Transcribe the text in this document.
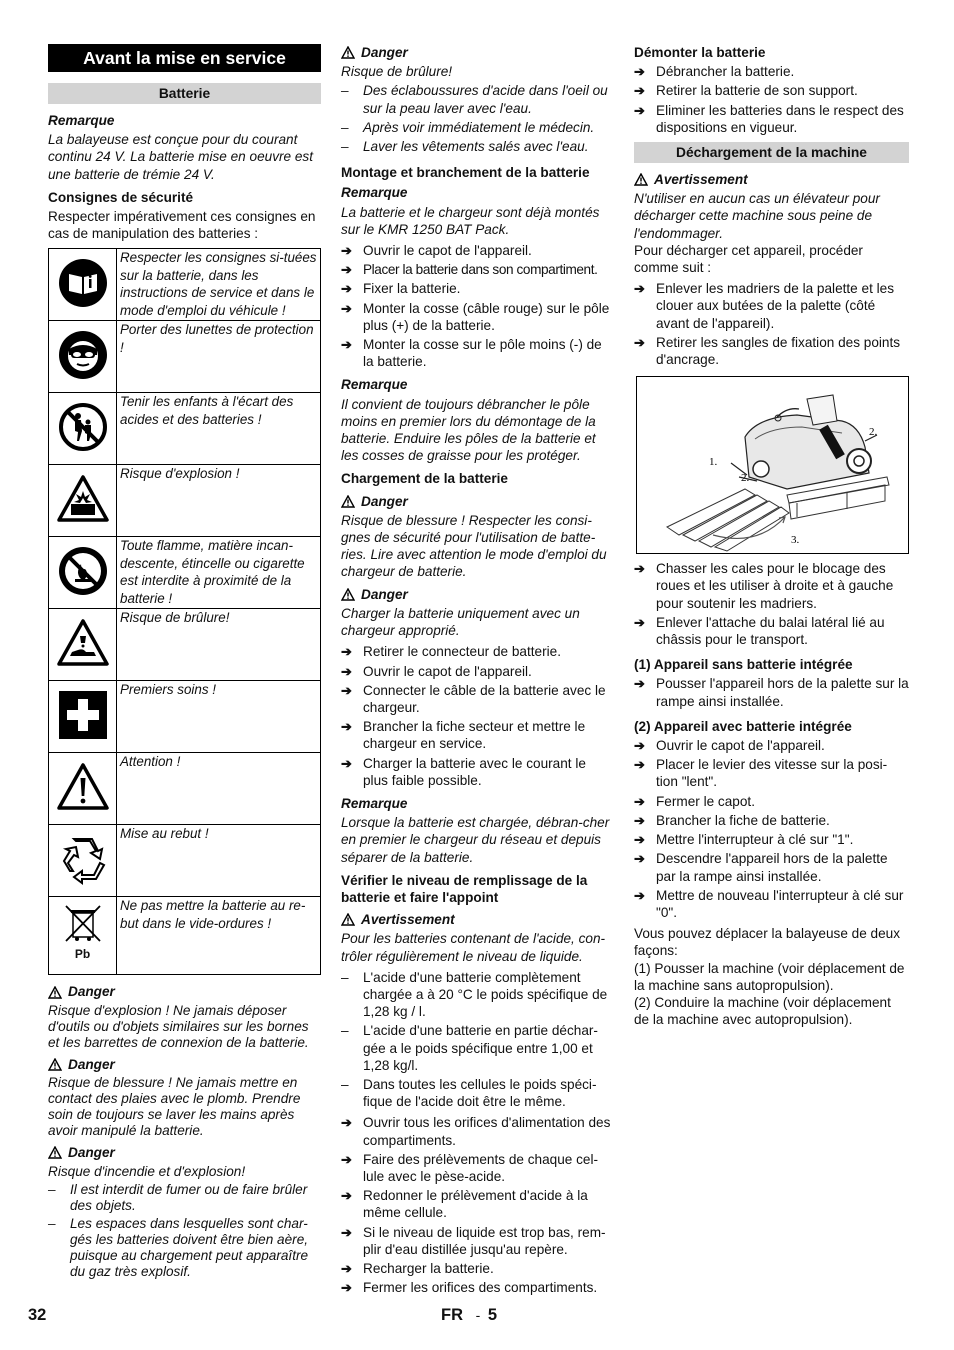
Avant la mise en service
Batterie
Remarque

La balayeuse est conçue pour du courant continu 24 V. La batterie mise en oeuvre est une batterie de trémie 24 V.

Consignes de sécurité

Respecter impérativement ces consignes en cas de manipulation des batteries :

	Respecter les consignes si-tuées sur la batterie, dans les instructions de service et dans le mode d'emploi du véhicule !
	Porter des lunettes de protection !
	Tenir les enfants à l'écart des acides et des batteries !
	Risque d'explosion !
	Toute flamme, matière incan-descente, étincelle ou cigarette est interdite à proximité de la batterie !
	Risque de brûlure!
	Premiers soins !
	Attention !
	Mise au rebut !

Pb	Ne pas mettre la batterie au re-but dans le vide-ordures !
Danger

Risque d'explosion ! Ne jamais déposer d'outils ou d'objets similaires sur les bornes et les barrettes de connexion de la batterie.

Danger

Risque de blessure ! Ne jamais mettre en contact des plaies avec le plomb. Prendre soin de toujours se laver les mains après avoir manipulé la batterie.

Danger

Risque d'incendie et d'explosion!

– Il est interdit de fumer ou de faire brûler des objets.
– Les espaces dans lesquelles sont char-gés les batteries doivent être bien aère, puisque au chargement peut apparaître du gaz très explosif.
Danger

Risque de brûlure!

– Des éclaboussures d'acide dans l'oeil ou sur la peau laver avec l'eau.
– Après voir immédiatement le médecin.
– Laver les vêtements salés avec l'eau.
Montage et branchement de la batterie
Remarque

La batterie et le chargeur sont déjà montés sur le KMR 1250 BAT Pack.

➔ Ouvrir le capot de l'appareil.
➔ Placer la batterie dans son compartiment.
➔ Fixer la batterie.
➔ Monter la cosse (câble rouge) sur le pôle plus (+) de la batterie.
➔ Monter la cosse sur le pôle moins (-) de la batterie.
Remarque

Il convient de toujours débrancher le pôle moins en premier lors du démontage de la batterie. Enduire les pôles de la batterie et les cosses de graisse pour les protéger.

Chargement de la batterie
Danger

Risque de blessure ! Respecter les consi-gnes de sécurité pour l'utilisation de batte-ries. Lire avec attention le mode d'emploi du chargeur de batterie.

Danger

Charger la batterie uniquement avec un chargeur approprié.

➔ Retirer le connecteur de batterie.
➔ Ouvrir le capot de l'appareil.
➔ Connecter le câble de la batterie avec le chargeur.
➔ Brancher la fiche secteur et mettre le chargeur en service.
➔ Charger la batterie avec le courant le plus faible possible.
Remarque

Lorsque la batterie est chargée, débran-cher en premier le chargeur du réseau et depuis séparer de la batterie.

Vérifier le niveau de remplissage de la batterie et faire l'appoint
Avertissement

Pour les batteries contenant de l'acide, con-trôler régulièrement le niveau de liquide.

– L'acide d'une batterie complètement chargée a à 20 °C le poids spécifique de 1,28 kg / l.
– L'acide d'une batterie en partie déchar-gée a le poids spécifique entre 1,00 et 1,28 kg/l.
– Dans toutes les cellules le poids spéci-fique de l'acide doit être le même.
➔ Ouvrir tous les orifices d'alimentation des compartiments.
➔ Faire des prélèvements de chaque cel-lule avec le pèse-acide.
➔ Redonner le prélèvement d'acide à la même cellule.
➔ Si le niveau de liquide est trop bas, rem-plir d'eau distillée jusqu'au repère.
➔ Recharger la batterie.
➔ Fermer les orifices des compartiments.
Démonter la batterie
➔ Débrancher la batterie.
➔ Retirer la batterie de son support.
➔ Eliminer les batteries dans le respect des dispositions en vigueur.
Déchargement de la machine
Avertissement

N'utiliser en aucun cas un élévateur pour décharger cette machine sous peine de l'endommager.

Pour décharger cet appareil, procéder comme suit :

➔ Enlever les madriers de la palette et les clouer aux butées de la palette (côté avant de l'appareil).
➔ Retirer les sangles de fixation des points d'ancrage.
1.
2.
2.
3.
➔ Chasser les cales pour le blocage des roues et les utiliser à droite et à gauche pour soutenir les madriers.
➔ Enlever l'attache du balai latéral lié au châssis pour le transport.
(1) Appareil sans batterie intégrée
➔ Pousser l'appareil hors de la palette sur la rampe ainsi installée.
(2) Appareil avec batterie intégrée
➔ Ouvrir le capot de l'appareil.
➔ Placer le levier des vitesse sur la posi-tion "lent".
➔ Fermer le capot.
➔ Brancher la fiche de batterie.
➔ Mettre l'interrupteur à clé sur "1".
➔ Descendre l'appareil hors de la palette par la rampe ainsi installée.
➔ Mettre de nouveau l'interrupteur à clé sur "0".

Vous pouvez déplacer la balayeuse de deux façons:

(1) Pousser la machine (voir déplacement de la machine sans autopropulsion).

(2) Conduire la machine (voir déplacement de la machine avec autopropulsion).

32	FR - 5
